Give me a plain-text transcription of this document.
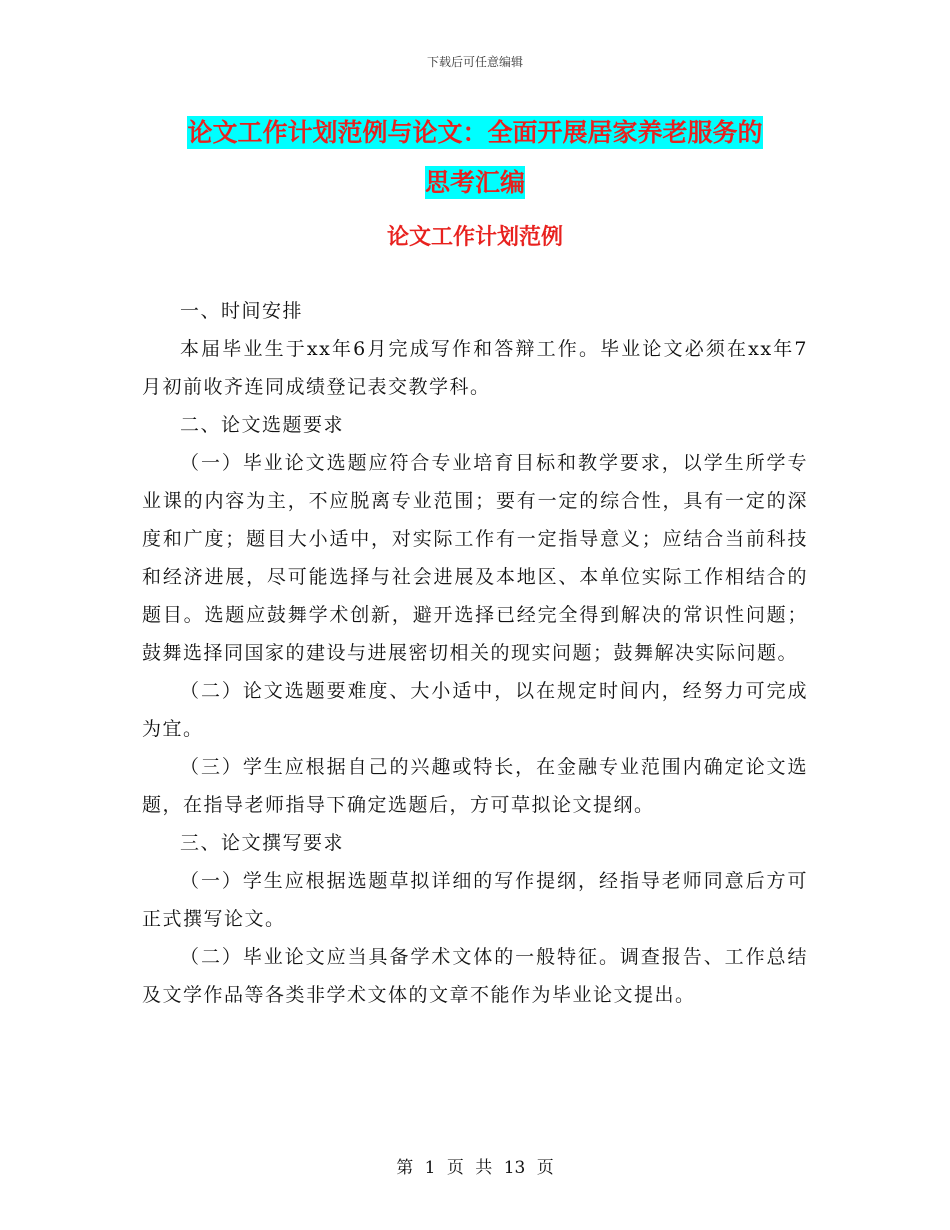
下载后可任意编辑
论文工作计划范例与论文：全面开展居家养老服务的
思考汇编
论文工作计划范例

一、时间安排

本届毕业生于xx年6月完成写作和答辩工作。毕业论文必须在xx年7月初前收齐连同成绩登记表交教学科。

二、论文选题要求

（一）毕业论文选题应符合专业培育目标和教学要求，以学生所学专业课的内容为主，不应脱离专业范围；要有一定的综合性，具有一定的深度和广度；题目大小适中，对实际工作有一定指导意义；应结合当前科技和经济进展，尽可能选择与社会进展及本地区、本单位实际工作相结合的题目。选题应鼓舞学术创新，避开选择已经完全得到解决的常识性问题；鼓舞选择同国家的建设与进展密切相关的现实问题；鼓舞解决实际问题。

（二）论文选题要难度、大小适中，以在规定时间内，经努力可完成为宜。

（三）学生应根据自己的兴趣或特长，在金融专业范围内确定论文选题，在指导老师指导下确定选题后，方可草拟论文提纲。

三、论文撰写要求

（一）学生应根据选题草拟详细的写作提纲，经指导老师同意后方可正式撰写论文。

（二）毕业论文应当具备学术文体的一般特征。调查报告、工作总结及文学作品等各类非学术文体的文章不能作为毕业论文提出。

第 1 页 共 13 页
